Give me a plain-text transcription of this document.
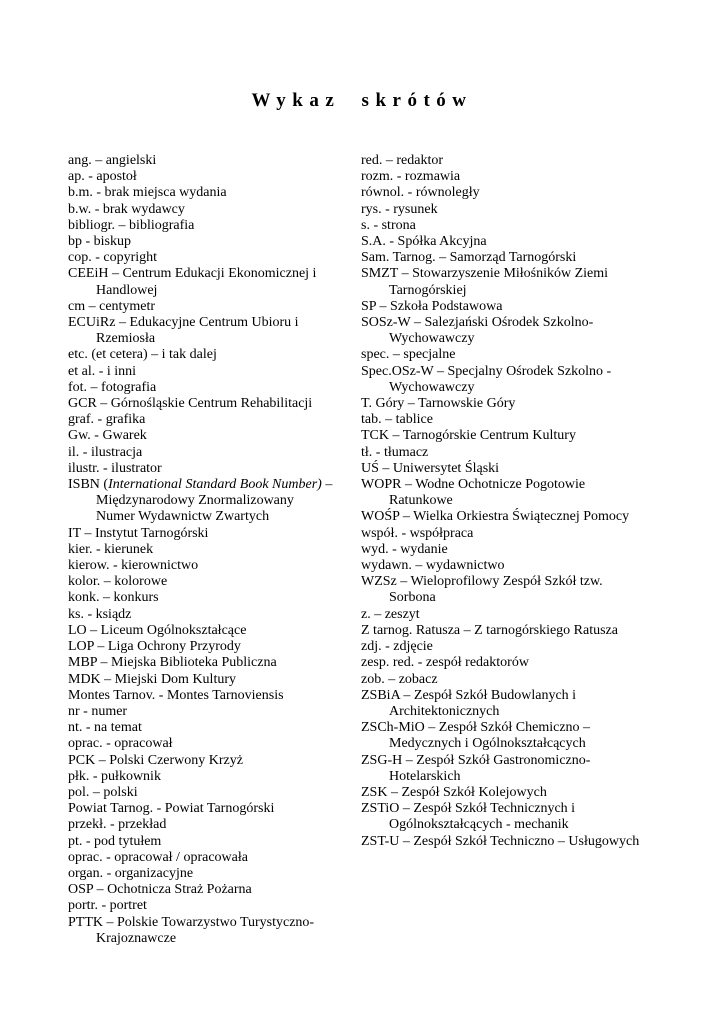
Wykaz skrótów
ang. – angielski
ap. - apostoł
b.m. - brak miejsca wydania
b.w. - brak wydawcy
bibliogr. – bibliografia
bp - biskup
cop. - copyright
CEEiH – Centrum Edukacji Ekonomicznej i
Handlowej
cm – centymetr
ECUiRz – Edukacyjne Centrum Ubioru i
Rzemiosła
etc. (et cetera) – i tak dalej
et al. - i inni
fot. – fotografia
GCR – Górnośląskie Centrum Rehabilitacji
graf. - grafika
Gw. - Gwarek
il. - ilustracja
ilustr. - ilustrator
ISBN (International Standard Book Number) –
Międzynarodowy Znormalizowany
Numer Wydawnictw Zwartych
IT – Instytut Tarnogórski
kier. - kierunek
kierow. - kierownictwo
kolor. – kolorowe
konk. – konkurs
ks. - ksiądz
LO – Liceum Ogólnokształcące
LOP – Liga Ochrony Przyrody
MBP – Miejska Biblioteka Publiczna
MDK – Miejski Dom Kultury
Montes Tarnov. - Montes Tarnoviensis
nr - numer
nt. - na temat
oprac. - opracował
PCK – Polski Czerwony Krzyż
płk. - pułkownik
pol. – polski
Powiat Tarnog. - Powiat Tarnogórski
przekł. - przekład
pt. - pod tytułem
oprac. - opracował / opracowała
organ. - organizacyjne
OSP – Ochotnicza Straż Pożarna
portr. - portret
PTTK – Polskie Towarzystwo Turystyczno-
Krajoznawcze
red. – redaktor
rozm. - rozmawia
równol. - równoległy
rys. - rysunek
s. - strona
S.A. - Spółka Akcyjna
Sam. Tarnog. – Samorząd Tarnogórski
SMZT – Stowarzyszenie Miłośników Ziemi
Tarnogórskiej
SP – Szkoła Podstawowa
SOSz-W – Salezjański Ośrodek Szkolno-
Wychowawczy
spec. – specjalne
Spec.OSz-W – Specjalny Ośrodek Szkolno -
Wychowawczy
T. Góry – Tarnowskie Góry
tab. – tablice
TCK – Tarnogórskie Centrum Kultury
tł. - tłumacz
UŚ – Uniwersytet Śląski
WOPR – Wodne Ochotnicze Pogotowie
Ratunkowe
WOŚP – Wielka Orkiestra Świątecznej Pomocy
współ. - współpraca
wyd. - wydanie
wydawn. – wydawnictwo
WZSz – Wieloprofilowy Zespół Szkół tzw.
Sorbona
z. – zeszyt
Z tarnog. Ratusza – Z tarnogórskiego Ratusza
zdj. - zdjęcie
zesp. red. - zespół redaktorów
zob. – zobacz
ZSBiA – Zespół Szkół Budowlanych i
Architektonicznych
ZSCh-MiO – Zespół Szkół Chemiczno –
Medycznych i Ogólnokształcących
ZSG-H – Zespół Szkół Gastronomiczno-
Hotelarskich
ZSK – Zespół Szkół Kolejowych
ZSTiO – Zespół Szkół Technicznych i
Ogólnokształcących - mechanik
ZST-U – Zespół Szkół Techniczno – Usługowych
